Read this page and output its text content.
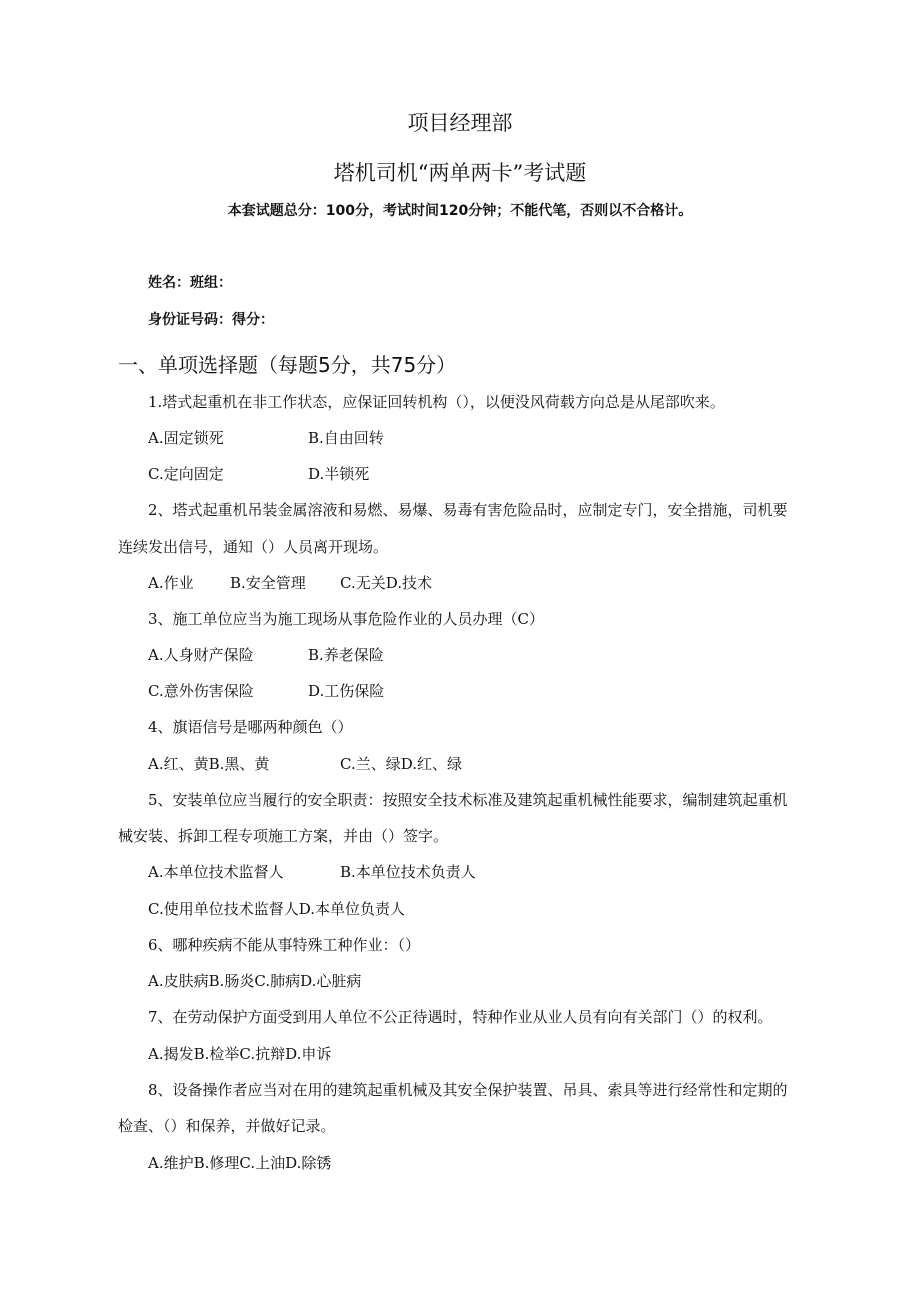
项目经理部
塔机司机“两单两卡”考试题
本套试题总分：100分，考试时间120分钟；不能代笔，否则以不合格计。
姓名：班组：
身份证号码：得分：
一、单项选择题（每题5分，共75分）
1.塔式起重机在非工作状态，应保证回转机构（），以便没风荷载方向总是从尾部吹来。
A.固定锁死	B.自由回转
C.定向固定	D.半锁死
2、塔式起重机吊装金属溶液和易燃、易爆、易毒有害危险品时，应制定专门，安全措施，司机要
连续发出信号，通知（）人员离开现场。
A.作业 B.安全管理 C.无关D.技术
3、施工单位应当为施工现场从事危险作业的人员办理（C）
A.人身财产保险	B.养老保险
C.意外伤害保险	D.工伤保险
4、旗语信号是哪两种颜色（）
A.红、黄B.黑、黄	C.兰、绿D.红、绿
5、安装单位应当履行的安全职责：按照安全技术标准及建筑起重机械性能要求，编制建筑起重机
械安装、拆卸工程专项施工方案，并由（）签字。
A.本单位技术监督人	B.本单位技术负责人
C.使用单位技术监督人D.本单位负责人
6、哪种疾病不能从事特殊工种作业：（）
A.皮肤病B.肠炎C.肺病D.心脏病
7、在劳动保护方面受到用人单位不公正待遇时，特种作业从业人员有向有关部门（）的权利。
A.揭发B.检举C.抗辩D.申诉
8、设备操作者应当对在用的建筑起重机械及其安全保护装置、吊具、索具等进行经常性和定期的
检查、（）和保养，并做好记录。
A.维护B.修理C.上油D.除锈
